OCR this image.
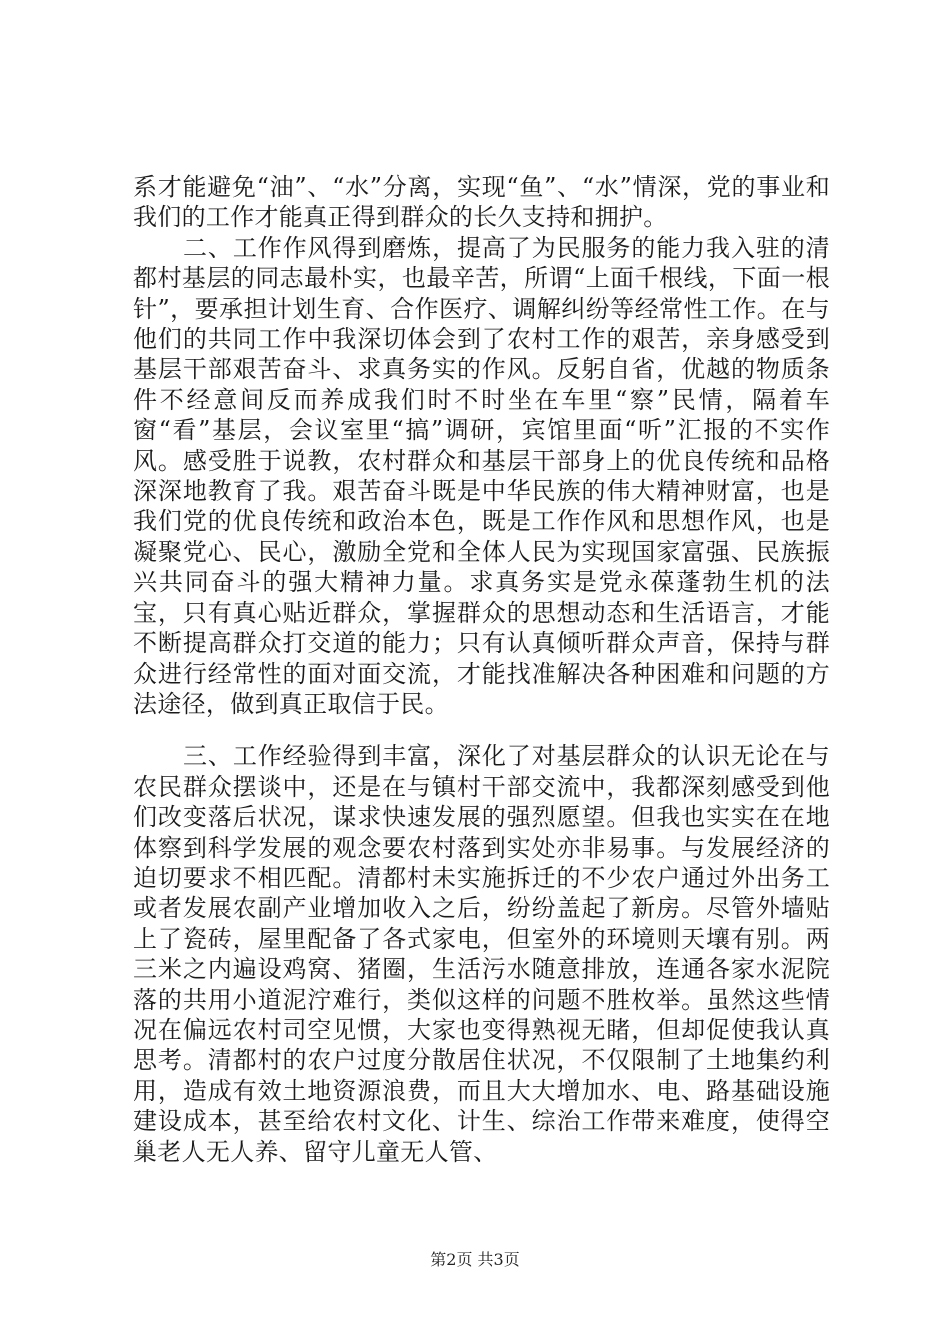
系才能避免“油”、“水”分离，实现“鱼”、“水”情深，党的事业和我们的工作才能真正得到群众的长久支持和拥护。

二、工作作风得到磨炼，提高了为民服务的能力我入驻的清都村基层的同志最朴实，也最辛苦，所谓“上面千根线，下面一根针”，要承担计划生育、合作医疗、调解纠纷等经常性工作。在与他们的共同工作中我深切体会到了农村工作的艰苦，亲身感受到基层干部艰苦奋斗、求真务实的作风。反躬自省，优越的物质条件不经意间反而养成我们时不时坐在车里“察”民情，隔着车窗“看”基层，会议室里“搞”调研，宾馆里面“听”汇报的不实作风。感受胜于说教，农村群众和基层干部身上的优良传统和品格深深地教育了我。艰苦奋斗既是中华民族的伟大精神财富，也是我们党的优良传统和政治本色，既是工作作风和思想作风，也是凝聚党心、民心，激励全党和全体人民为实现国家富强、民族振兴共同奋斗的强大精神力量。求真务实是党永葆蓬勃生机的法宝，只有真心贴近群众，掌握群众的思想动态和生活语言，才能不断提高群众打交道的能力；只有认真倾听群众声音，保持与群众进行经常性的面对面交流，才能找准解决各种困难和问题的方法途径，做到真正取信于民。

三、工作经验得到丰富，深化了对基层群众的认识无论在与农民群众摆谈中，还是在与镇村干部交流中，我都深刻感受到他们改变落后状况，谋求快速发展的强烈愿望。但我也实实在在地体察到科学发展的观念要农村落到实处亦非易事。与发展经济的迫切要求不相匹配。清都村未实施拆迁的不少农户通过外出务工或者发展农副产业增加收入之后，纷纷盖起了新房。尽管外墙贴上了瓷砖，屋里配备了各式家电，但室外的环境则天壤有别。两三米之内遍设鸡窝、猪圈，生活污水随意排放，连通各家水泥院落的共用小道泥泞难行，类似这样的问题不胜枚举。虽然这些情况在偏远农村司空见惯，大家也变得熟视无睹，但却促使我认真思考。清都村的农户过度分散居住状况，不仅限制了土地集约利用，造成有效土地资源浪费，而且大大增加水、电、路基础设施建设成本，甚至给农村文化、计生、综治工作带来难度，使得空巢老人无人养、留守儿童无人管、

第2页 共3页
